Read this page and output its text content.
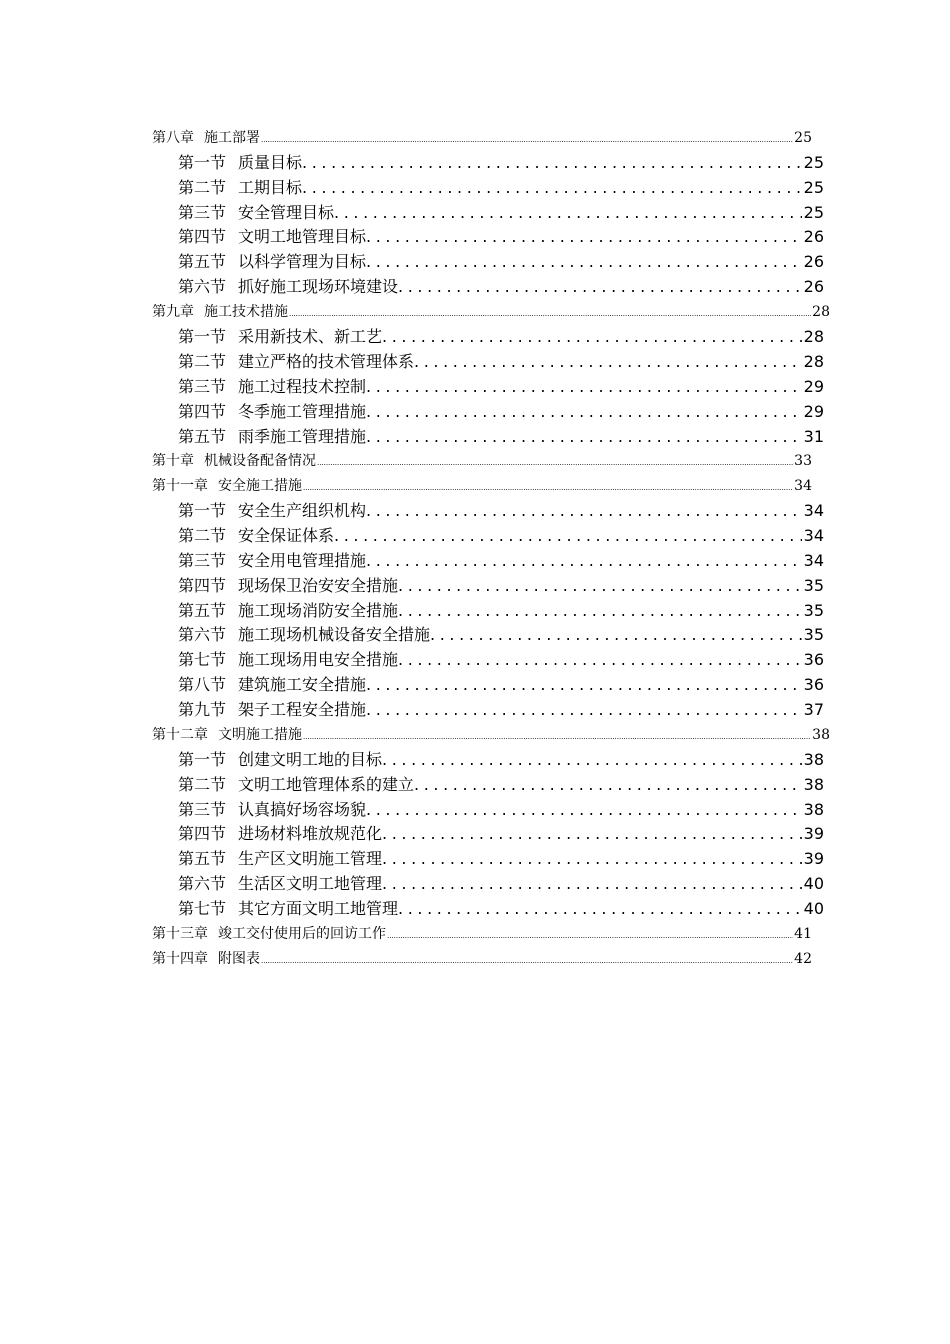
第八章 施工部署 .....	25
第一节 质量目标 .....	25
第二节 工期目标 .....	25
第三节 安全管理目标 .....	25
第四节 文明工地管理目标 .....	26
第五节 以科学管理为目标 .....	26
第六节 抓好施工现场环境建设 .....	26
第九章 施工技术措施 .....	28
第一节 采用新技术、新工艺 .....	28
第二节 建立严格的技术管理体系 .....	28
第三节 施工过程技术控制 .....	29
第四节 冬季施工管理措施 .....	29
第五节 雨季施工管理措施 .....	31
第十章 机械设备配备情况 .....	33
第十一章 安全施工措施 .....	34
第一节 安全生产组织机构 .....	34
第二节 安全保证体系 .....	34
第三节 安全用电管理措施 .....	34
第四节 现场保卫治安安全措施 .....	35
第五节 施工现场消防安全措施 .....	35
第六节 施工现场机械设备安全措施 .....	35
第七节 施工现场用电安全措施 .....	36
第八节 建筑施工安全措施 .....	36
第九节 架子工程安全措施 .....	37
第十二章 文明施工措施 .....	38
第一节 创建文明工地的目标 .....	38
第二节 文明工地管理体系的建立 .....	38
第三节 认真搞好场容场貌 .....	38
第四节 进场材料堆放规范化 .....	39
第五节 生产区文明施工管理 .....	39
第六节 生活区文明工地管理 .....	40
第七节 其它方面文明工地管理 .....	40
第十三章 竣工交付使用后的回访工作 .....	41
第十四章 附图表 .....	42
